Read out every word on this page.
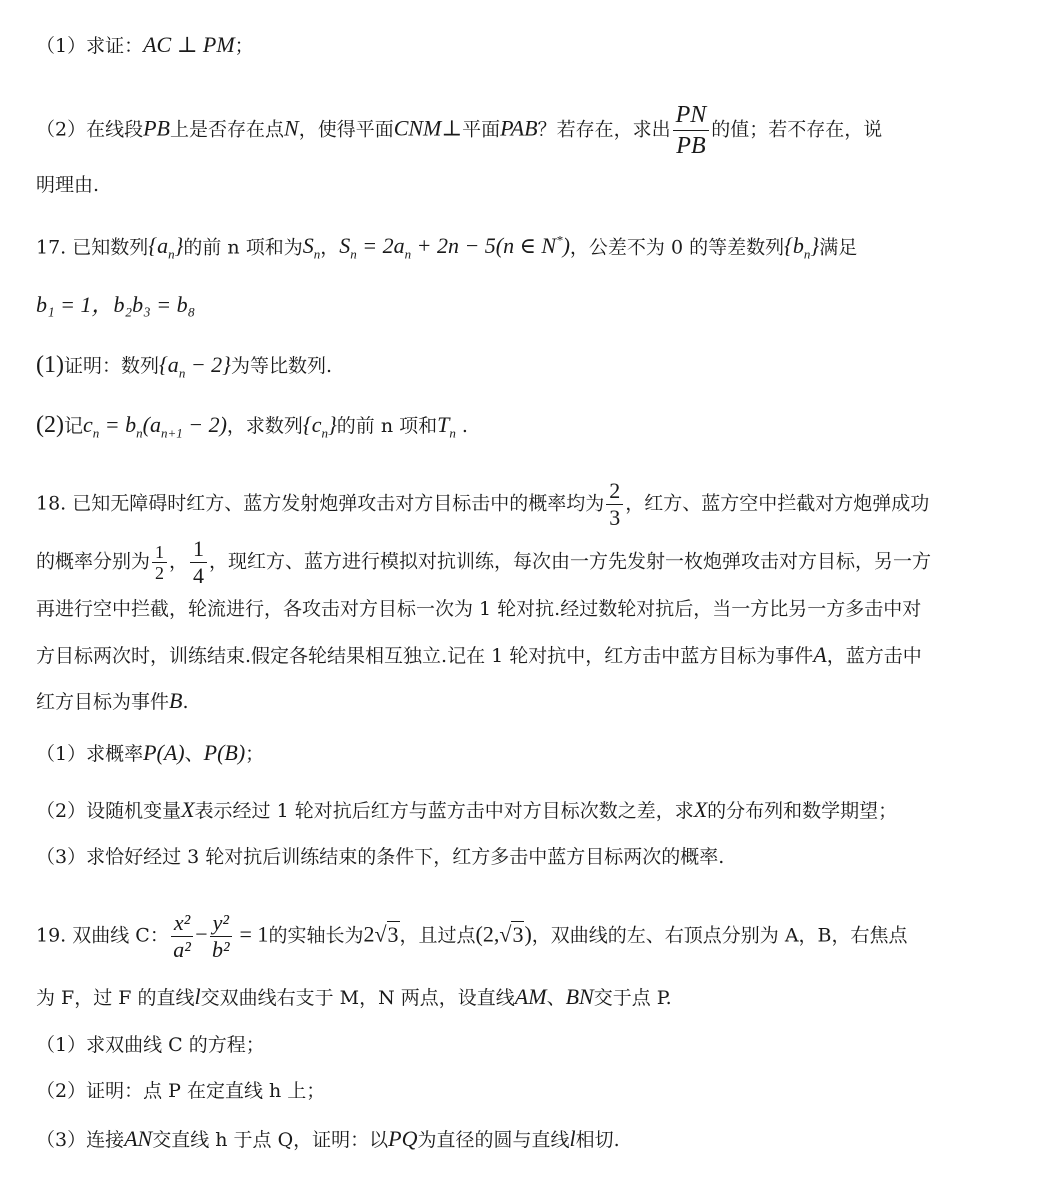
（1）求证：AC ⊥ PM；
（2）在线段PB上是否存在点N，使得平面CNM⊥平面PAB？若存在，求出 $\frac{PN}{PB}$ 的值；若不存在，说
明理由.
17. 已知数列$\{a_n\}$的前 n 项和为$S_n$，$S_n = 2a_n + 2n - 5(n$ ∈ N*)，公差不为 0 的等差数列$\{b_n\}$满足
b₁ = 1，b₂b₃ = b₈
(1)证明：数列$\{a_n - 2\}$为等比数列.
(2)记$c_n = b_n(a_{n+1} - 2)$，求数列$\{c_n\}$的前 n 项和$T_n$ .
18. 已知无障碍时红方、蓝方发射炮弹攻击对方目标击中的概率均为 $\frac{2}{3}$ ，红方、蓝方空中拦截对方炮弹成功
的概率分别为 $\frac{1}{2}$ ， $\frac{1}{4}$ ，现红方、蓝方进行模拟对抗训练，每次由一方先发射一枚炮弹攻击对方目标，另一方
再进行空中拦截，轮流进行，各攻击对方目标一次为 1 轮对抗.经过数轮对抗后，当一方比另一方多击中对
方目标两次时，训练结束.假定各轮结果相互独立.记在 1 轮对抗中，红方击中蓝方目标为事件A，蓝方击中
红方目标为事件B.
（1）求概率P(A)、P(B)；
（2）设随机变量X表示经过 1 轮对抗后红方与蓝方击中对方目标次数之差，求X的分布列和数学期望；
（3）求恰好经过 3 轮对抗后训练结束的条件下，红方多击中蓝方目标两次的概率.
19. 双曲线 C： $\frac{\text{x²}}{\text{a²}} - \frac{\text{y²}}{\text{b²}} = 1$的实轴长为2√3，且过点(2,√3)，双曲线的左、右顶点分别为 A，B，右焦点
为 F，过 F 的直线l交双曲线右支于 M，N 两点，设直线AM、BN交于点 P.
（1）求双曲线 C 的方程；
（2）证明：点 P 在定直线 h 上；
（3）连接AN交直线 h 于点 Q，证明：以PQ为直径的圆与直线l相切.
